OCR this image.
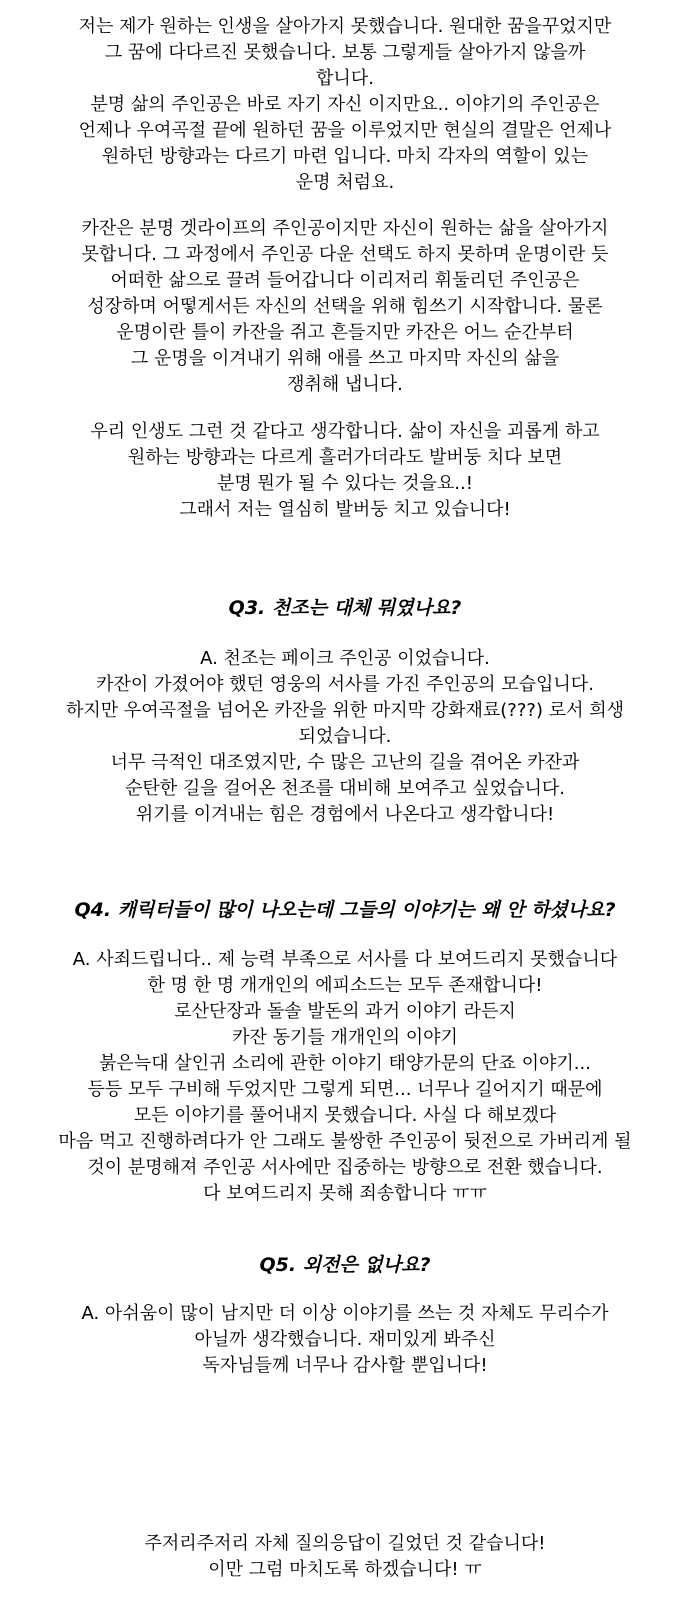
저는 제가 원하는 인생을 살아가지 못했습니다. 원대한 꿈을꾸었지만
그 꿈에 다다르진 못했습니다. 보통 그렇게들 살아가지 않을까
합니다.
분명 삶의 주인공은 바로 자기 자신 이지만요.. 이야기의 주인공은
언제나 우여곡절 끝에 원하던 꿈을 이루었지만 현실의 결말은 언제나
원하던 방향과는 다르기 마련 입니다. 마치 각자의 역할이 있는
운명 처럼요.
카잔은 분명 겟라이프의 주인공이지만 자신이 원하는 삶을 살아가지
못합니다. 그 과정에서 주인공 다운 선택도 하지 못하며 운명이란 듯
어떠한 삶으로 끌려 들어갑니다 이리저리 휘둘리던 주인공은
성장하며 어떻게서든 자신의 선택을 위해 힘쓰기 시작합니다. 물론
운명이란 틀이 카잔을 쥐고 흔들지만 카잔은 어느 순간부터
그 운명을 이겨내기 위해 애를 쓰고 마지막 자신의 삶을
쟁취해 냅니다.
우리 인생도 그런 것 같다고 생각합니다. 삶이 자신을 괴롭게 하고
원하는 방향과는 다르게 흘러가더라도 발버둥 치다 보면
분명 뭔가 될 수 있다는 것을요..!
그래서 저는 열심히 발버둥 치고 있습니다!
Q3. 천조는 대체 뭐였나요?
A. 천조는 페이크 주인공 이었습니다.
카잔이 가졌어야 했던 영웅의 서사를 가진 주인공의 모습입니다.
하지만 우여곡절을 넘어온 카잔을 위한 마지막 강화재료(???) 로서 희생
되었습니다.
너무 극적인 대조였지만, 수 많은 고난의 길을 겪어온 카잔과
순탄한 길을 걸어온 천조를 대비해 보여주고 싶었습니다.
위기를 이겨내는 힘은 경험에서 나온다고 생각합니다!
Q4. 캐릭터들이 많이 나오는데 그들의 이야기는 왜 안 하셨나요?
A. 사죄드립니다.. 제 능력 부족으로 서사를 다 보여드리지 못했습니다
한 명 한 명 개개인의 에피소드는 모두 존재합니다!
로산단장과 돌솔 발돈의 과거 이야기 라든지
카잔 동기들 개개인의 이야기
붉은늑대 살인귀 소리에 관한 이야기 태양가문의 단죠 이야기...
등등 모두 구비해 두었지만 그렇게 되면... 너무나 길어지기 때문에
모든 이야기를 풀어내지 못했습니다. 사실 다 해보겠다
마음 먹고 진행하려다가 안 그래도 불쌍한 주인공이 뒷전으로 가버리게 될
것이 분명해져 주인공 서사에만 집중하는 방향으로 전환 했습니다.
다 보여드리지 못해 죄송합니다 ㅠㅠ
Q5. 외전은 없나요?
A. 아쉬움이 많이 남지만 더 이상 이야기를 쓰는 것 자체도 무리수가
아닐까 생각했습니다. 재미있게 봐주신
독자님들께 너무나 감사할 뿐입니다!
주저리주저리 자체 질의응답이 길었던 것 같습니다!
이만 그럼 마치도록 하겠습니다! ㅠ
